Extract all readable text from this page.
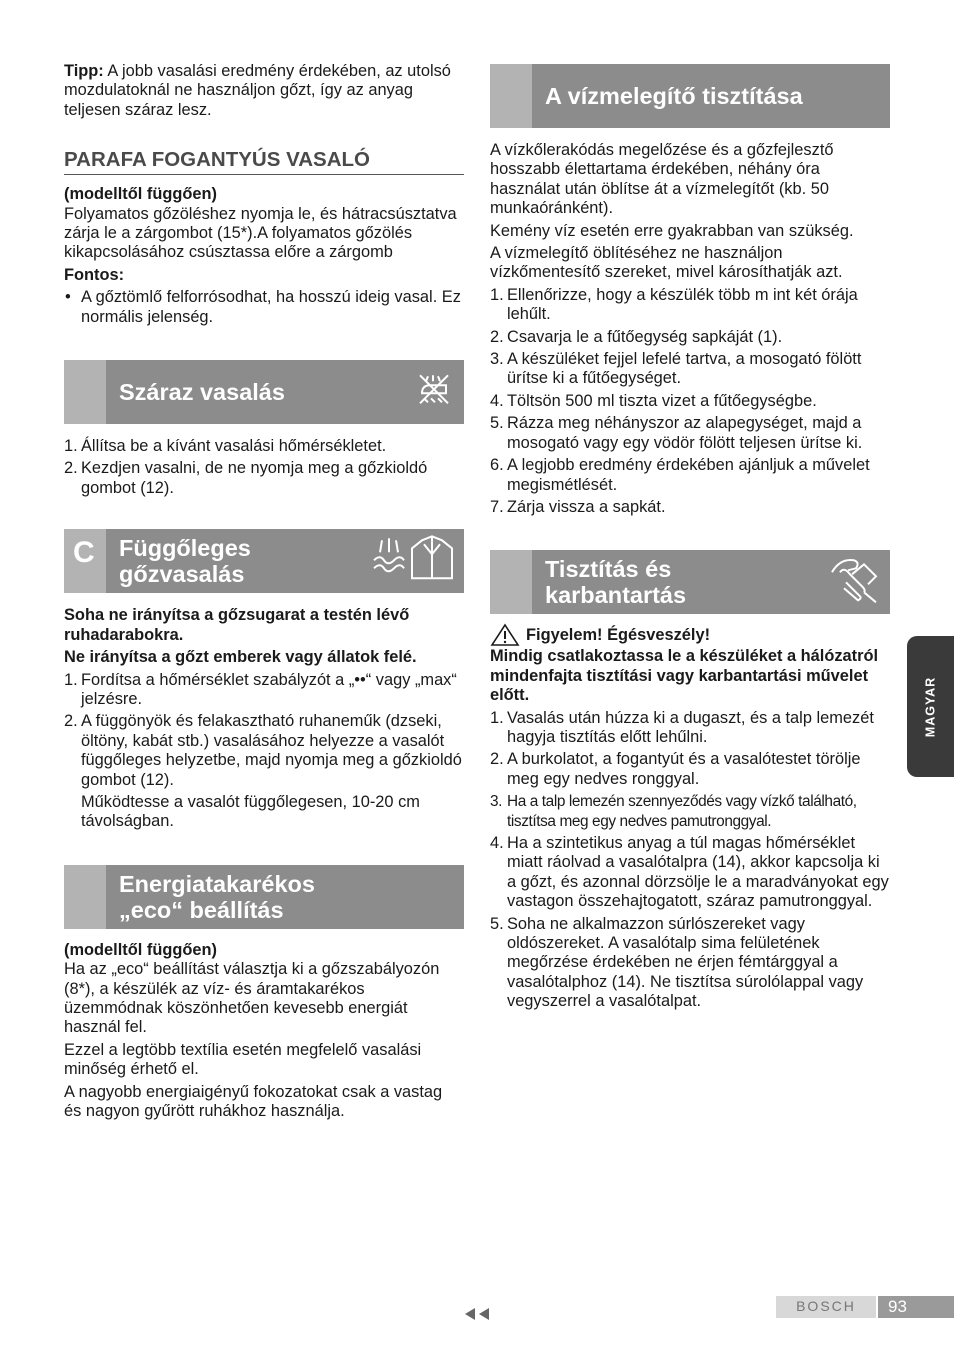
Tipp: A jobb vasalási eredmény érdekében, az utolsó mozdulatoknál ne használjon gőzt, így az anyag teljesen száraz lesz.

PARAFA FOGANTYÚS VASALÓ

(modelltől függően)

Folyamatos gőzöléshez nyomja le, és hátracsúsztatva zárja le a zárgombot (15*).A folyamatos gőzölés kikapcsolásához csúsztassa előre a zárgomb

Fontos:

• A gőztömlő felforrósodhat, ha hosszú ideig vasal. Ez normális jelenség.
Száraz vasalás
1. Állítsa be a kívánt vasalási hőmérsékletet.
2. Kezdjen vasalni, de ne nyomja meg a gőzkioldó gombot (12).
C Függőleges
gőzvasalás

Soha ne irányítsa a gőzsugarat a testén lévő ruhadarabokra.

Ne irányítsa a gőzt emberek vagy állatok felé.

1. Fordítsa a hőmérséklet szabályzót a „••“ vagy „max“ jelzésre.
2. A függönyök és felakasztható ruhaneműk (dzseki, öltöny, kabát stb.) vasalásához helyezze a vasalót függőleges helyzetbe, majd nyomja meg a gőzkioldó gombot (12).
Működtesse a vasalót függőlegesen, 10-20 cm távolságban.
Energiatakarékos
„eco“ beállítás

(modelltől függően)

Ha az „eco“ beállítást választja ki a gőzszabályozón (8*), a készülék az víz- és áramtakarékos üzemmódnak köszönhetően kevesebb energiát használ fel.

Ezzel a legtöbb textília esetén megfelelő vasalási minőség érhető el.

A nagyobb energiaigényű fokozatokat csak a vastag és nagyon gyűrött ruhákhoz használja.

A vízmelegítő tisztítása

A vízkőlerakódás megelőzése és a gőzfejlesztő hosszabb élettartama érdekében, néhány óra használat után öblítse át a vízmelegítőt (kb. 50 munkaóránként).

Kemény víz esetén erre gyakrabban van szükség.

A vízmelegítő öblítéséhez ne használjon vízkőmentesítő szereket, mivel károsíthatják azt.

1. Ellenőrizze, hogy a készülék több m int két órája lehűlt.
2. Csavarja le a fűtőegység sapkáját (1).
3. A készüléket fejjel lefelé tartva, a mosogató fölött ürítse ki a fűtőegységet.
4. Töltsön 500 ml tiszta vizet a fűtőegységbe.
5. Rázza meg néhányszor az alapegységet, majd a mosogató vagy egy vödör fölött teljesen ürítse ki.
6. A legjobb eredmény érdekében ajánljuk a művelet megismétlését.
7. Zárja vissza a sapkát.
Tisztítás és
karbantartás
Figyelem! Égésveszély!

Mindig csatlakoztassa le a készüléket a hálózatról mindenfajta tisztítási vagy karbantartási művelet előtt.

1. Vasalás után húzza ki a dugaszt, és a talp lemezét hagyja tisztítás előtt lehűlni.
2. A burkolatot, a fogantyút és a vasalótestet törölje meg egy nedves ronggyal.
3. Ha a talp lemezén szennyeződés vagy vízkő található, tisztítsa meg egy nedves pamutronggyal.
4. Ha a szintetikus anyag a túl magas hőmérséklet miatt ráolvad a vasalótalpra (14), akkor kapcsolja ki a gőzt, és azonnal dörzsölje le a maradványokat egy vastagon összehajtogatott, száraz pamutronggyal.
5. Soha ne alkalmazzon súrlószereket vagy oldószereket. A vasalótalp sima felületének megőrzése érdekében ne érjen fémtárggyal a vasalótalphoz (14). Ne tisztítsa súrolólappal vagy vegyszerrel a vasalótalpat.
MAGYAR
BOSCH	93
